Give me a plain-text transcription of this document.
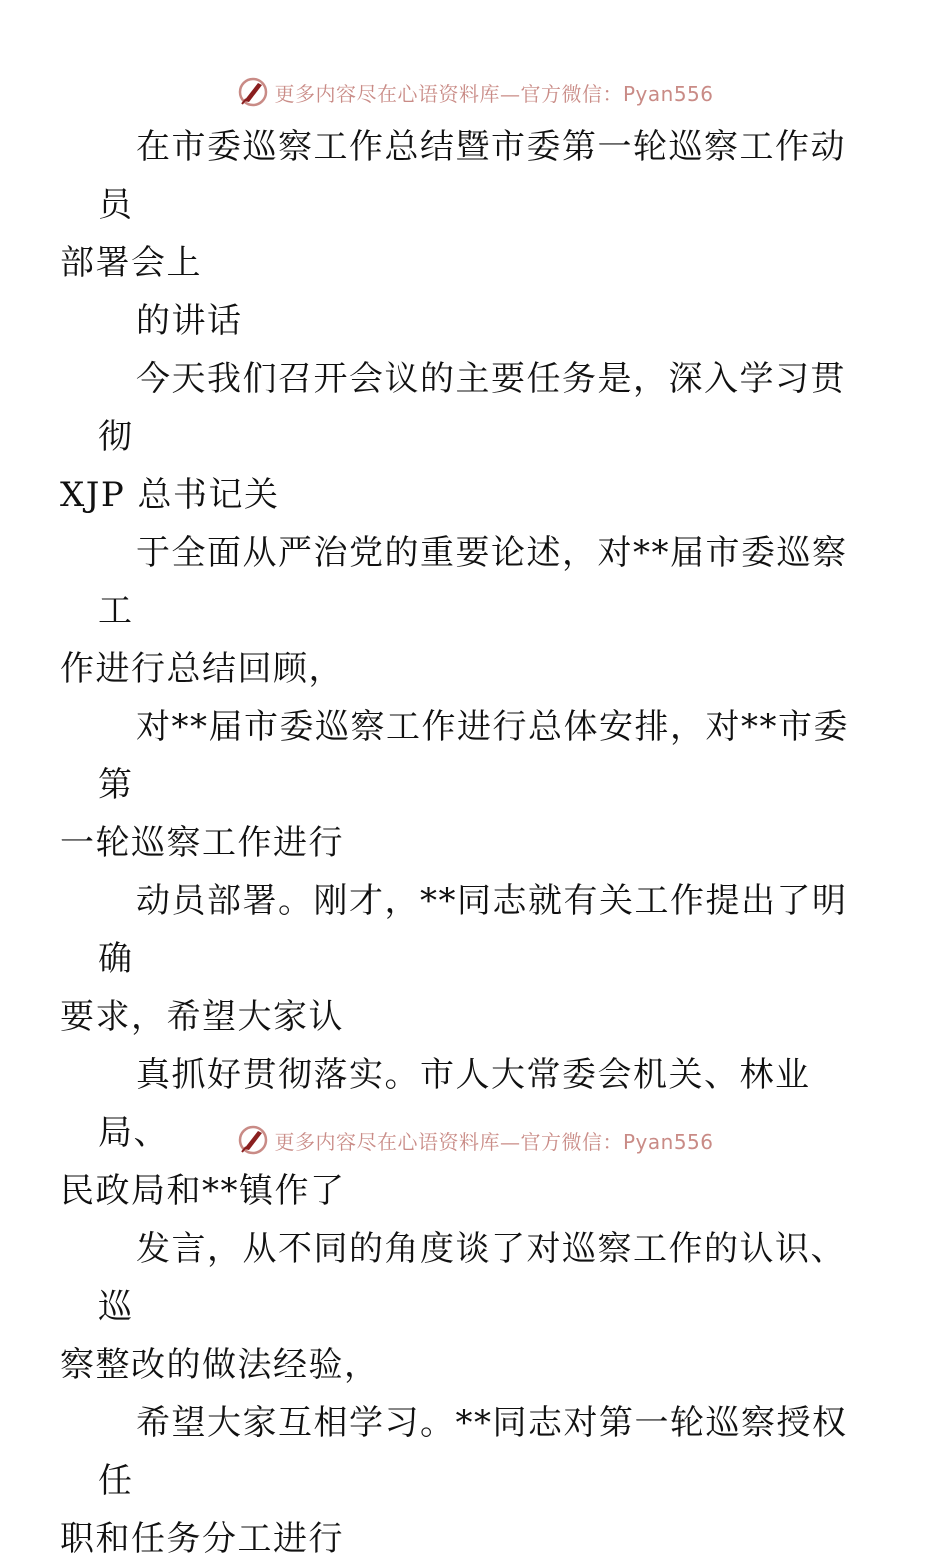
更多内容尽在心语资料库—官方微信：Pyan556

在市委巡察工作总结暨市委第一轮巡察工作动员
部署会上

的讲话

今天我们召开会议的主要任务是，深入学习贯彻
XJP 总书记关

于全面从严治党的重要论述，对**届市委巡察工
作进行总结回顾，

对**届市委巡察工作进行总体安排，对**市委第
一轮巡察工作进行

动员部署。刚才，**同志就有关工作提出了明确
要求，希望大家认

真抓好贯彻落实。市人大常委会机关、林业局、
民政局和**镇作了

发言，从不同的角度谈了对巡察工作的认识、巡
察整改的做法经验，

希望大家互相学习。**同志对第一轮巡察授权任
职和任务分工进行

更多内容尽在心语资料库—官方微信：Pyan556
